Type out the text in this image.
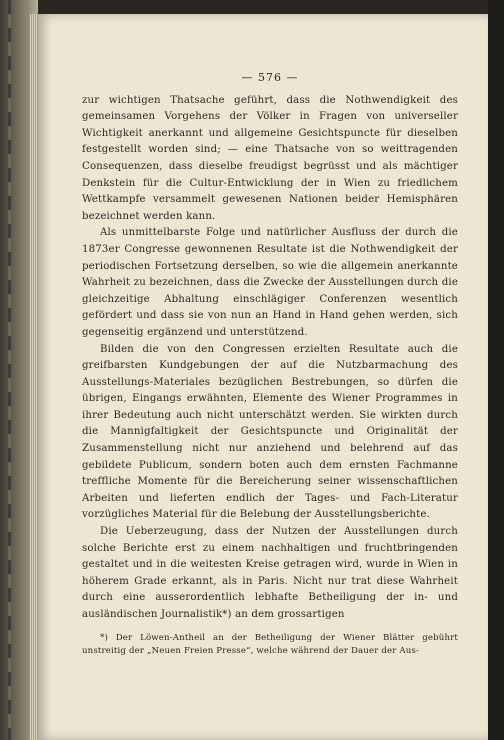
— 576 —

zur wichtigen Thatsache geführt, dass die Nothwendigkeit des gemeinsamen Vorgehens der Völker in Fragen von universeller Wichtigkeit anerkannt und allgemeine Gesichtspuncte für dieselben festgestellt worden sind; — eine Thatsache von so weittragenden Consequenzen, dass dieselbe freudigst begrüsst und als mächtiger Denkstein für die Cultur-Entwicklung der in Wien zu friedlichem Wettkampfe versammelt gewesenen Nationen beider Hemisphären bezeichnet werden kann.

Als unmittelbarste Folge und natürlicher Ausfluss der durch die 1873er Congresse gewonnenen Resultate ist die Nothwendigkeit der periodischen Fortsetzung derselben, so wie die allgemein anerkannte Wahrheit zu bezeichnen, dass die Zwecke der Ausstellungen durch die gleichzeitige Abhaltung einschlägiger Conferenzen wesentlich gefördert und dass sie von nun an Hand in Hand gehen werden, sich gegenseitig ergänzend und unterstützend.

Bilden die von den Congressen erzielten Resultate auch die greifbarsten Kundgebungen der auf die Nutzbarmachung des Ausstellungs-Materiales bezüglichen Bestrebungen, so dürfen die übrigen, Eingangs erwähnten, Elemente des Wiener Programmes in ihrer Bedeutung auch nicht unterschätzt werden. Sie wirkten durch die Mannigfaltigkeit der Gesichtspuncte und Originalität der Zusammenstellung nicht nur anziehend und belehrend auf das gebildete Publicum, sondern boten auch dem ernsten Fachmanne treffliche Momente für die Bereicherung seiner wissenschaftlichen Arbeiten und lieferten endlich der Tages- und Fach-Literatur vorzügliches Material für die Belebung der Ausstellungsberichte.

Die Ueberzeugung, dass der Nutzen der Ausstellungen durch solche Berichte erst zu einem nachhaltigen und fruchtbringenden gestaltet und in die weitesten Kreise getragen wird, wurde in Wien in höherem Grade erkannt, als in Paris. Nicht nur trat diese Wahrheit durch eine ausserordentlich lebhafte Betheiligung der in- und ausländischen Journalistik*) an dem grossartigen

*) Der Löwen-Antheil an der Betheiligung der Wiener Blätter gebührt unstreitig der „Neuen Freien Presse“, welche während der Dauer der Aus-
